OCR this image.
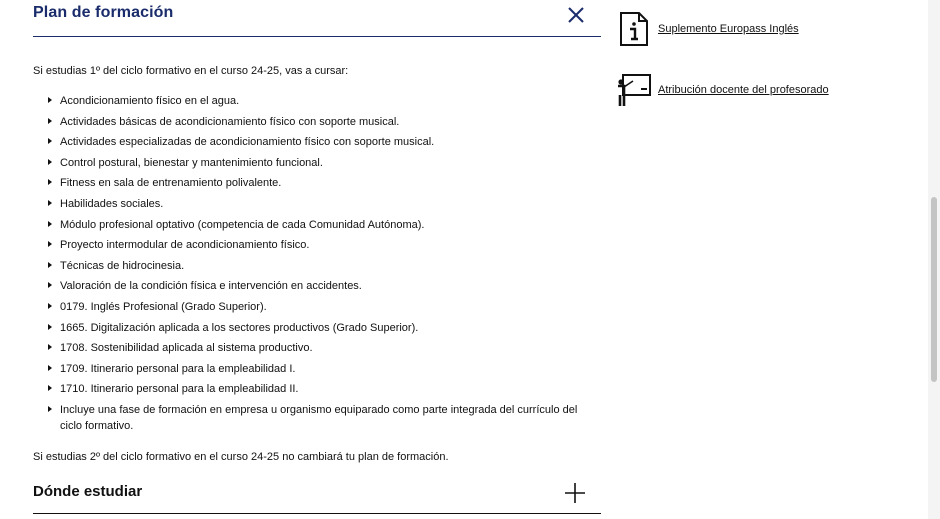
Plan de formación
Si estudias 1º del ciclo formativo en el curso 24-25, vas a cursar:
Acondicionamiento físico en el agua.
Actividades básicas de acondicionamiento físico con soporte musical.
Actividades especializadas de acondicionamiento físico con soporte musical.
Control postural, bienestar y mantenimiento funcional.
Fitness en sala de entrenamiento polivalente.
Habilidades sociales.
Módulo profesional optativo (competencia de cada Comunidad Autónoma).
Proyecto intermodular de acondicionamiento físico.
Técnicas de hidrocinesia.
Valoración de la condición física e intervención en accidentes.
0179. Inglés Profesional (Grado Superior).
1665. Digitalización aplicada a los sectores productivos (Grado Superior).
1708. Sostenibilidad aplicada al sistema productivo.
1709. Itinerario personal para la empleabilidad I.
1710. Itinerario personal para la empleabilidad II.
Incluye una fase de formación en empresa u organismo equiparado como parte integrada del currículo del ciclo formativo.
Si estudias 2º del ciclo formativo en el curso 24-25 no cambiará tu plan de formación.
Dónde estudiar
Suplemento Europass Inglés
Atribución docente del profesorado
